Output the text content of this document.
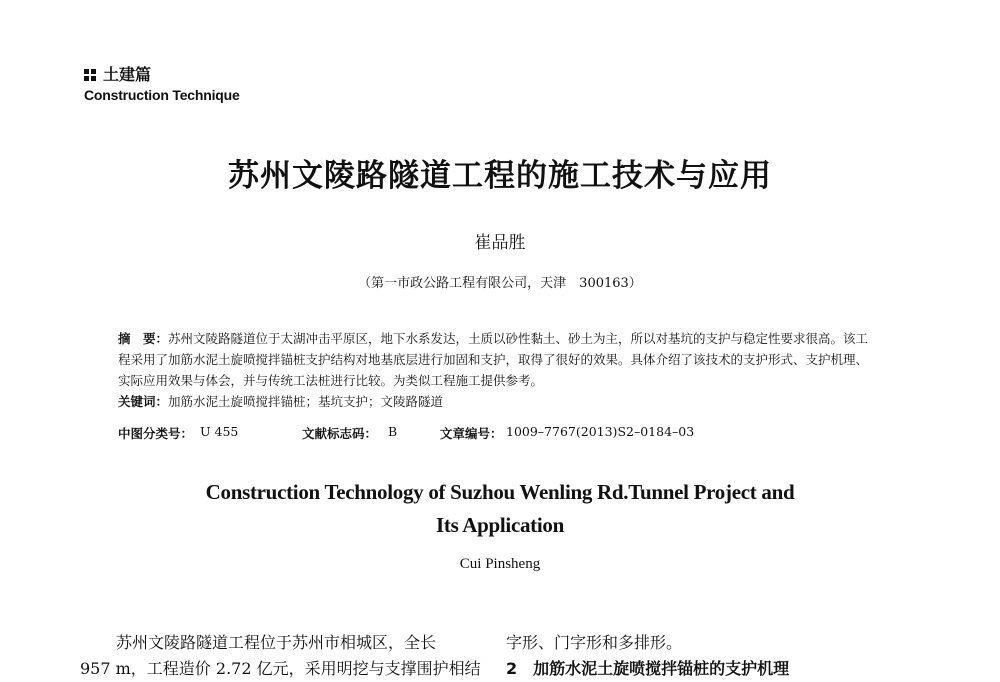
土建篇
Construction Technique
苏州文陵路隧道工程的施工技术与应用
崔品胜
（第一市政公路工程有限公司，天津　300163）
摘　要：苏州文陵路隧道位于太湖冲击平原区，地下水系发达，土质以砂性黏土、砂土为主，所以对基坑的支护与稳定性要求很高。该工程采用了加筋水泥土旋喷搅拌锚桩支护结构对地基底层进行加固和支护，取得了很好的效果。具体介绍了该技术的支护形式、支护机理、实际应用效果与体会，并与传统工法桩进行比较。为类似工程施工提供参考。
关键词：加筋水泥土旋喷搅拌锚桩；基坑支护；文陵路隧道
中图分类号： U 455	文献标志码： B	文章编号： 1009–7767(2013)S2–0184–03
Construction Technology of Suzhou Wenling Rd.Tunnel Project and
Its Application
Cui Pinsheng
苏州文陵路隧道工程位于苏州市相城区，全长
957 m，工程造价 2.72 亿元，采用明挖与支撑围护相结
字形、门字形和多排形。
2　加筋水泥土旋喷搅拌锚桩的支护机理
